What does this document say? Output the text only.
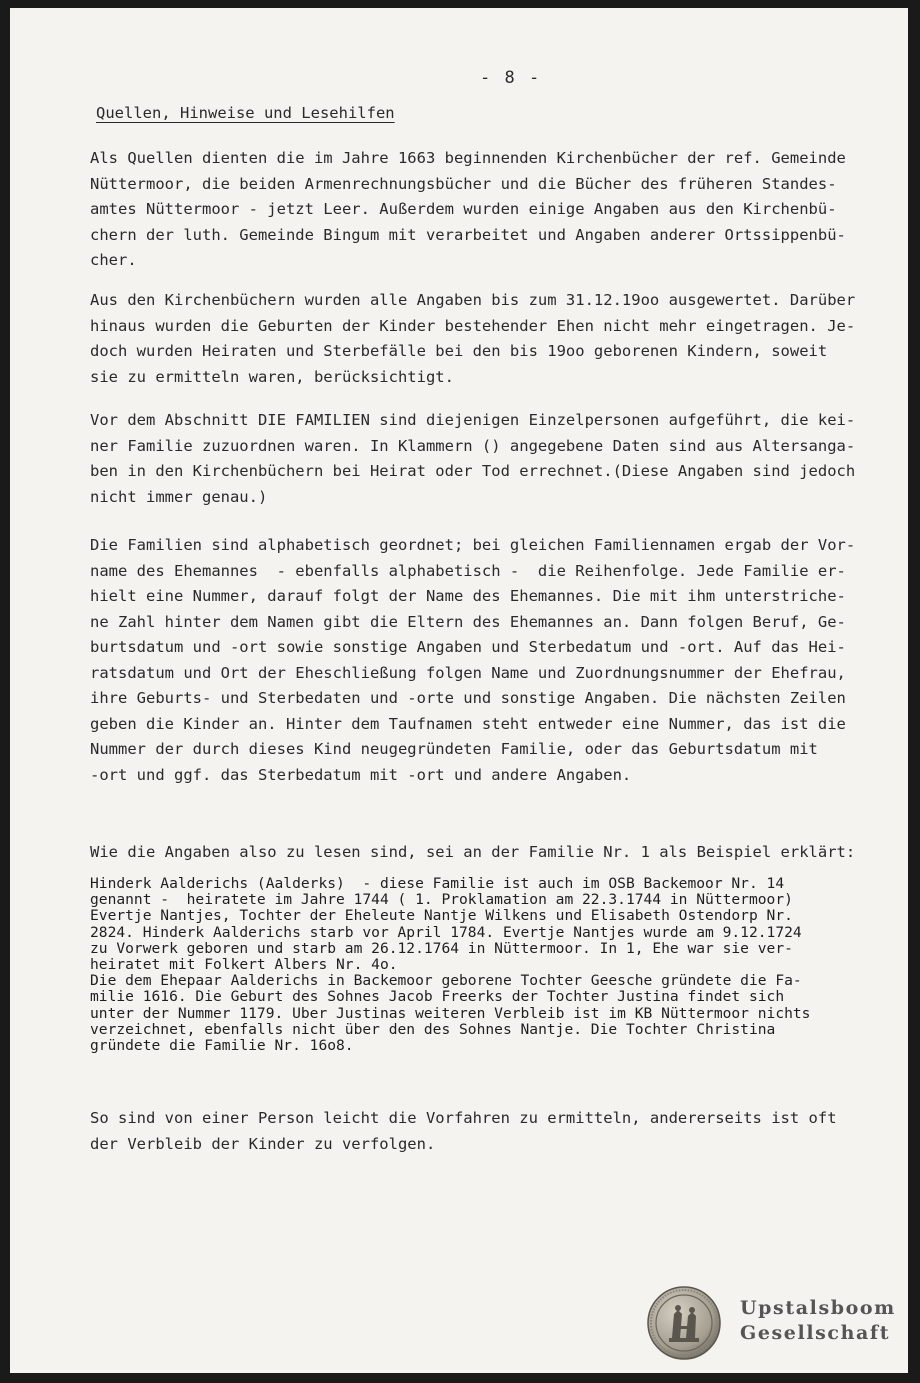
- 8 -
Quellen, Hinweise und Lesehilfen
Als Quellen dienten die im Jahre 1663 beginnenden Kirchenbücher der ref. Gemeinde
Nüttermoor, die beiden Armenrechnungsbücher und die Bücher des früheren Standes-
amtes Nüttermoor - jetzt Leer. Außerdem wurden einige Angaben aus den Kirchenbü-
chern der luth. Gemeinde Bingum mit verarbeitet und Angaben anderer Ortssippenbü-
cher.
Aus den Kirchenbüchern wurden alle Angaben bis zum 31.12.19oo ausgewertet. Darüber
hinaus wurden die Geburten der Kinder bestehender Ehen nicht mehr eingetragen. Je-
doch wurden Heiraten und Sterbefälle bei den bis 19oo geborenen Kindern, soweit
sie zu ermitteln waren, berücksichtigt.
Vor dem Abschnitt DIE FAMILIEN sind diejenigen Einzelpersonen aufgeführt, die kei-
ner Familie zuzuordnen waren. In Klammern () angegebene Daten sind aus Altersanga-
ben in den Kirchenbüchern bei Heirat oder Tod errechnet.(Diese Angaben sind jedoch
nicht immer genau.)
Die Familien sind alphabetisch geordnet; bei gleichen Familiennamen ergab der Vor-
name des Ehemannes  - ebenfalls alphabetisch -  die Reihenfolge. Jede Familie er-
hielt eine Nummer, darauf folgt der Name des Ehemannes. Die mit ihm unterstriche-
ne Zahl hinter dem Namen gibt die Eltern des Ehemannes an. Dann folgen Beruf, Ge-
burtsdatum und -ort sowie sonstige Angaben und Sterbedatum und -ort. Auf das Hei-
ratsdatum und Ort der Eheschließung folgen Name und Zuordnungsnummer der Ehefrau,
ihre Geburts- und Sterbedaten und -orte und sonstige Angaben. Die nächsten Zeilen
geben die Kinder an. Hinter dem Taufnamen steht entweder eine Nummer, das ist die
Nummer der durch dieses Kind neugegründeten Familie, oder das Geburtsdatum mit
-ort und ggf. das Sterbedatum mit -ort und andere Angaben.
Wie die Angaben also zu lesen sind, sei an der Familie Nr. 1 als Beispiel erklärt:
Hinderk Aalderichs (Aalderks)  - diese Familie ist auch im OSB Backemoor Nr. 14
genannt -  heiratete im Jahre 1744 ( 1. Proklamation am 22.3.1744 in Nüttermoor)
Evertje Nantjes, Tochter der Eheleute Nantje Wilkens und Elisabeth Ostendorp Nr.
2824. Hinderk Aalderichs starb vor April 1784. Evertje Nantjes wurde am 9.12.1724
zu Vorwerk geboren und starb am 26.12.1764 in Nüttermoor. In 1, Ehe war sie ver-
heiratet mit Folkert Albers Nr. 4o.
Die dem Ehepaar Aalderichs in Backemoor geborene Tochter Geesche gründete die Fa-
milie 1616. Die Geburt des Sohnes Jacob Freerks der Tochter Justina findet sich
unter der Nummer 1179. Über Justinas weiteren Verbleib ist im KB Nüttermoor nichts
verzeichnet, ebenfalls nicht über den des Sohnes Nantje. Die Tochter Christina
gründete die Familie Nr. 16o8.
So sind von einer Person leicht die Vorfahren zu ermitteln, andererseits ist oft
der Verbleib der Kinder zu verfolgen.
Upstalsboom
Gesellschaft
